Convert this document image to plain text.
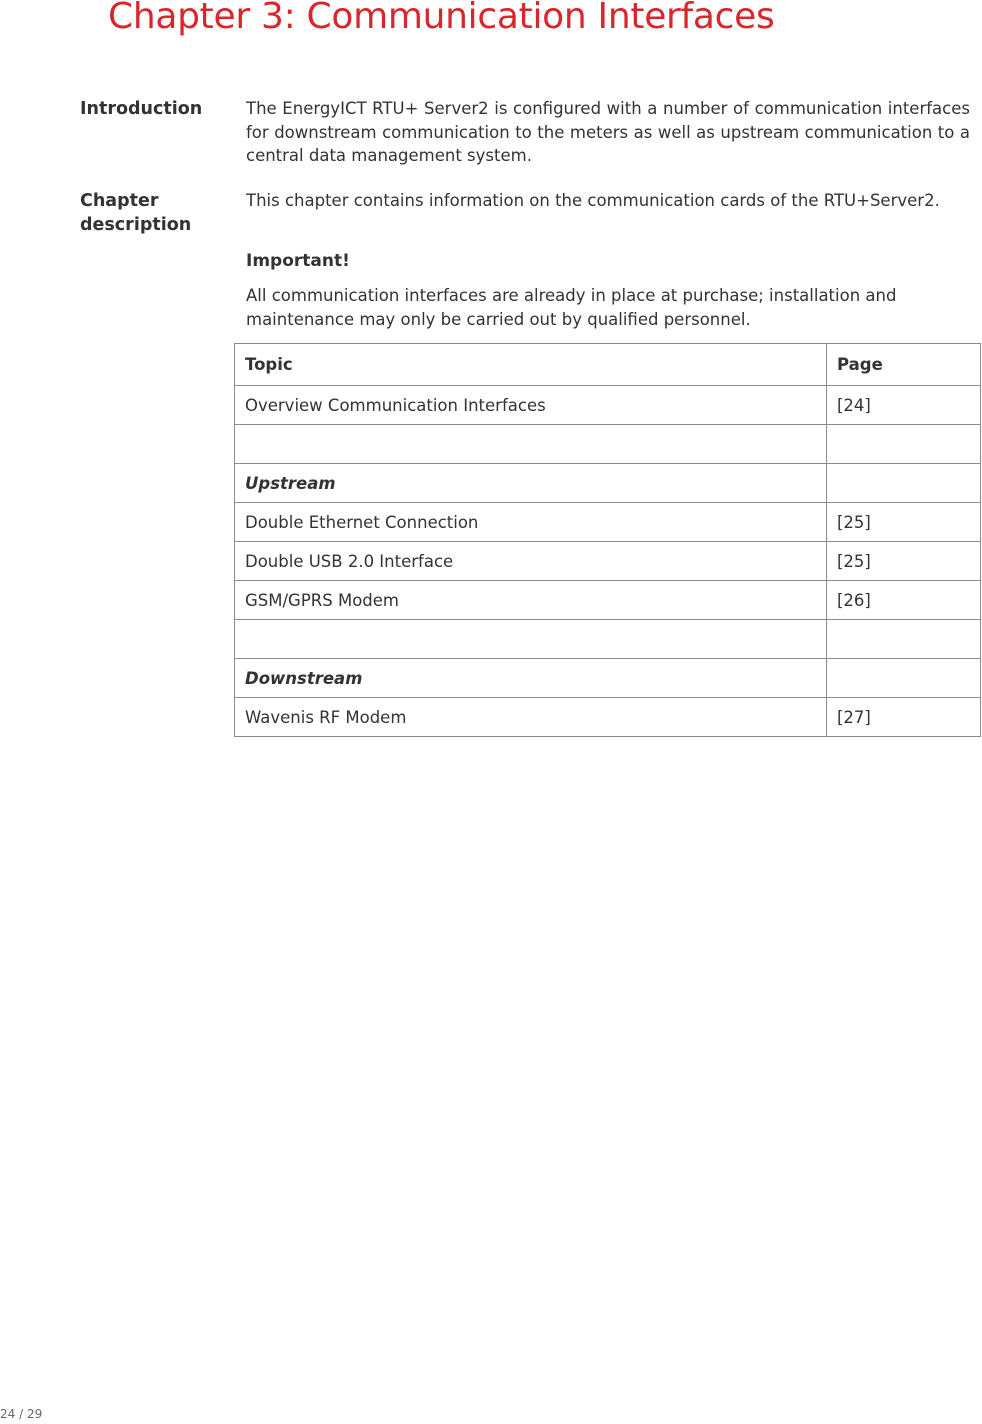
Chapter 3: Communication Interfaces
Introduction	The EnergyICT RTU+ Server2 is configured with a number of communication interfaces for downstream communication to the meters as well as upstream communication to a central data management system.
Chapter
description
This chapter contains information on the communication cards of the RTU+Server2.
Important!
All communication interfaces are already in place at purchase; installation and maintenance may only be carried out by qualified personnel.
Topic	Page
Overview Communication Interfaces	[24]

Upstream	
Double Ethernet Connection	[25]
Double USB 2.0 Interface	[25]
GSM/GPRS Modem	[26]

Downstream	
Wavenis RF Modem	[27]
24 / 29
